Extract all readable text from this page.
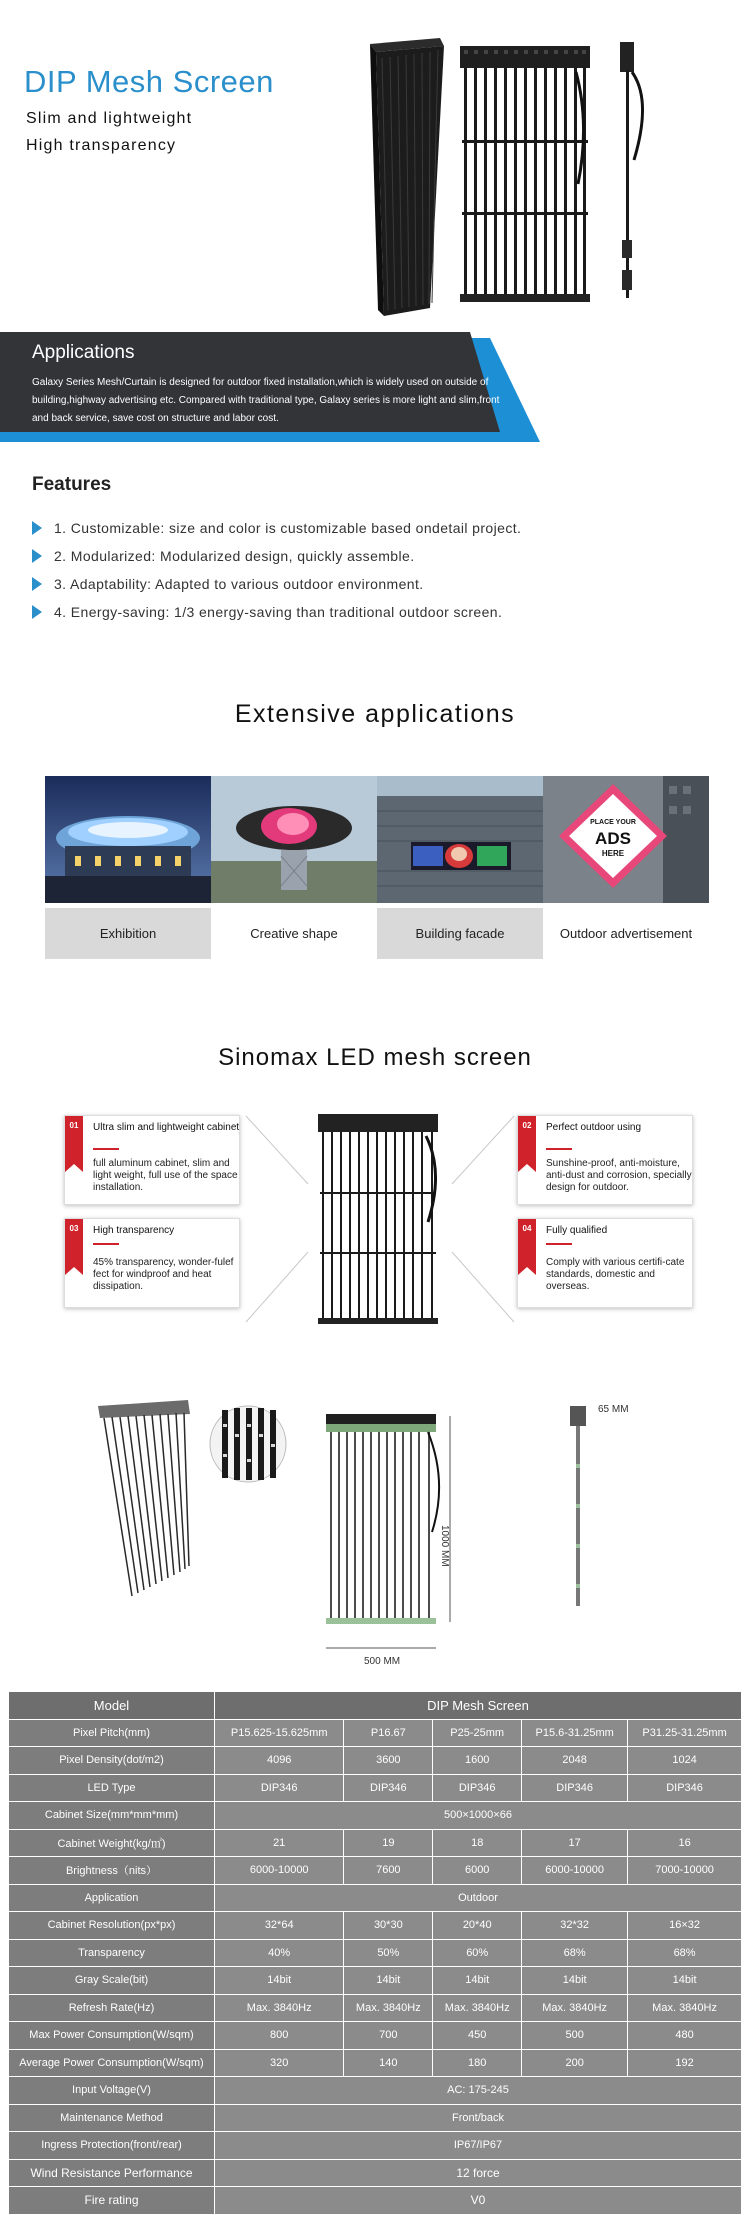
DIP Mesh Screen
Slim and lightweight
High transparency
Applications
Galaxy Series Mesh/Curtain is designed for outdoor fixed installation,which is widely used on outside of building,highway advertising etc. Compared with traditional type, Galaxy series is more light and slim,front and back service, save cost on structure and labor cost.
Features
1. Customizable: size and color is customizable based ondetail project.
2. Modularized: Modularized design, quickly assemble.
3. Adaptability: Adapted to various outdoor environment.
4. Energy-saving: 1/3 energy-saving than traditional outdoor screen.
Extensive applications
Exhibition	Creative shape	Building facade
PLACE YOUR
ADS
HERE
Outdoor advertisement
Sinomax LED mesh screen
01	Ultra slim and lightweight cabinet
full aluminum cabinet, slim and light weight, full use of the space installation.
02	Perfect outdoor using
Sunshine-proof, anti-moisture, anti-dust and corrosion, specially design for outdoor.
03	High transparency
45% transparency, wonder-fulef fect for windproof and heat dissipation.
04	Fully qualified
Comply with various certifi-cate standards, domestic and overseas.
1000 MM
500 MM
65 MM
Model	DIP Mesh Screen				
Pixel Pitch(mm)	P15.625-15.625mm	P16.67	P25-25mm	P15.6-31.25mm	P31.25-31.25mm
Pixel Density(dot/m2)	4096	3600	1600	2048	1024
LED Type	DIP346	DIP346	DIP346	DIP346	DIP346
Cabinet Size(mm*mm*mm)	500×1000×66				
Cabinet Weight(kg/㎡)	21	19	18	17	16
Brightness（nits）	6000-10000	7600	6000	6000-10000	7000-10000
Application	Outdoor				
Cabinet Resolution(px*px)	32*64	30*30	20*40	32*32	16×32
Transparency	40%	50%	60%	68%	68%
Gray Scale(bit)	14bit	14bit	14bit	14bit	14bit
Refresh Rate(Hz)	Max. 3840Hz	Max. 3840Hz	Max. 3840Hz	Max. 3840Hz	Max. 3840Hz
Max Power Consumption(W/sqm)	800	700	450	500	480
Average Power Consumption(W/sqm)	320	140	180	200	192
Input Voltage(V)	AC: 175-245				
Maintenance Method	Front/back				
Ingress Protection(front/rear)	IP67/IP67				
Wind Resistance Performance	12 force				
Fire rating	V0				
